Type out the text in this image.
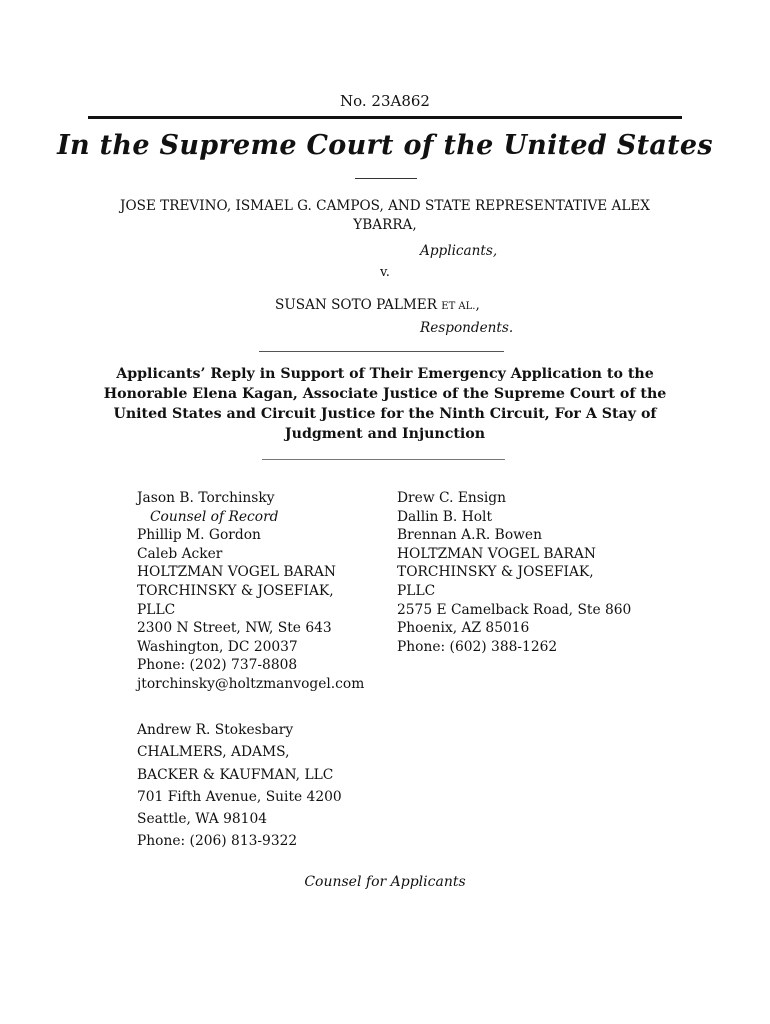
No. 23A862
In the Supreme Court of the United States
JOSE TREVINO, ISMAEL G. CAMPOS, AND STATE REPRESENTATIVE ALEX YBARRA,
Applicants,
v.
SUSAN SOTO PALMER ET AL.,
Respondents.
Applicants’ Reply in Support of Their Emergency Application to the Honorable Elena Kagan, Associate Justice of the Supreme Court of the United States and Circuit Justice for the Ninth Circuit, For A Stay of Judgment and Injunction
Jason B. Torchinsky
Counsel of Record
Phillip M. Gordon
Caleb Acker
HOLTZMAN VOGEL BARAN
TORCHINSKY & JOSEFIAK,
PLLC
2300 N Street, NW, Ste 643
Washington, DC 20037
Phone: (202) 737-8808
jtorchinsky@holtzmanvogel.com
Drew C. Ensign
Dallin B. Holt
Brennan A.R. Bowen
HOLTZMAN VOGEL BARAN
TORCHINSKY & JOSEFIAK,
PLLC
2575 E Camelback Road, Ste 860
Phoenix, AZ 85016
Phone: (602) 388-1262
Andrew R. Stokesbary
CHALMERS, ADAMS,
BACKER & KAUFMAN, LLC
701 Fifth Avenue, Suite 4200
Seattle, WA 98104
Phone: (206) 813-9322
Counsel for Applicants
